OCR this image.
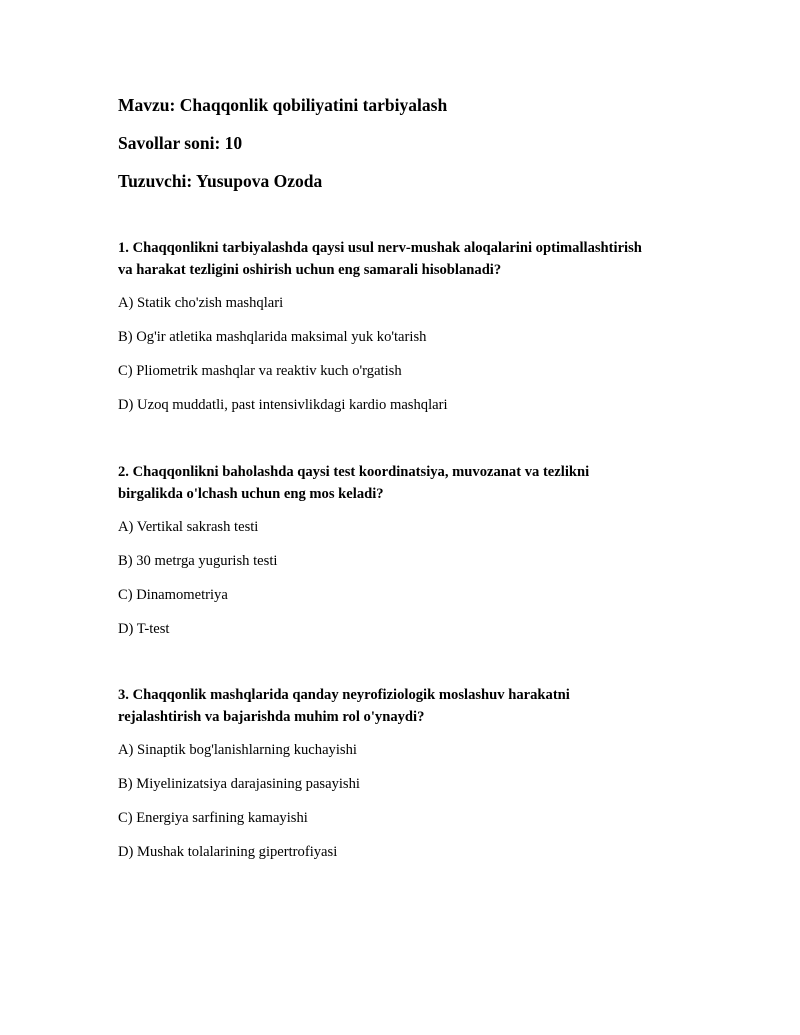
Mavzu: Chaqqonlik qobiliyatini tarbiyalash
Savollar soni: 10
Tuzuvchi: Yusupova Ozoda

1. Chaqqonlikni tarbiyalashda qaysi usul nerv-mushak aloqalarini optimallashtirish
va harakat tezligini oshirish uchun eng samarali hisoblanadi?

A) Statik cho'zish mashqlari
B) Og'ir atletika mashqlarida maksimal yuk ko'tarish
C) Pliometrik mashqlar va reaktiv kuch o'rgatish
D) Uzoq muddatli, past intensivlikdagi kardio mashqlari

2. Chaqqonlikni baholashda qaysi test koordinatsiya, muvozanat va tezlikni
birgalikda o'lchash uchun eng mos keladi?

A) Vertikal sakrash testi
B) 30 metrga yugurish testi
C) Dinamometriya
D) T-test

3. Chaqqonlik mashqlarida qanday neyrofiziologik moslashuv harakatni
rejalashtirish va bajarishda muhim rol o'ynaydi?

A) Sinaptik bog'lanishlarning kuchayishi
B) Miyelinizatsiya darajasining pasayishi
C) Energiya sarfining kamayishi
D) Mushak tolalarining gipertrofiyasi
